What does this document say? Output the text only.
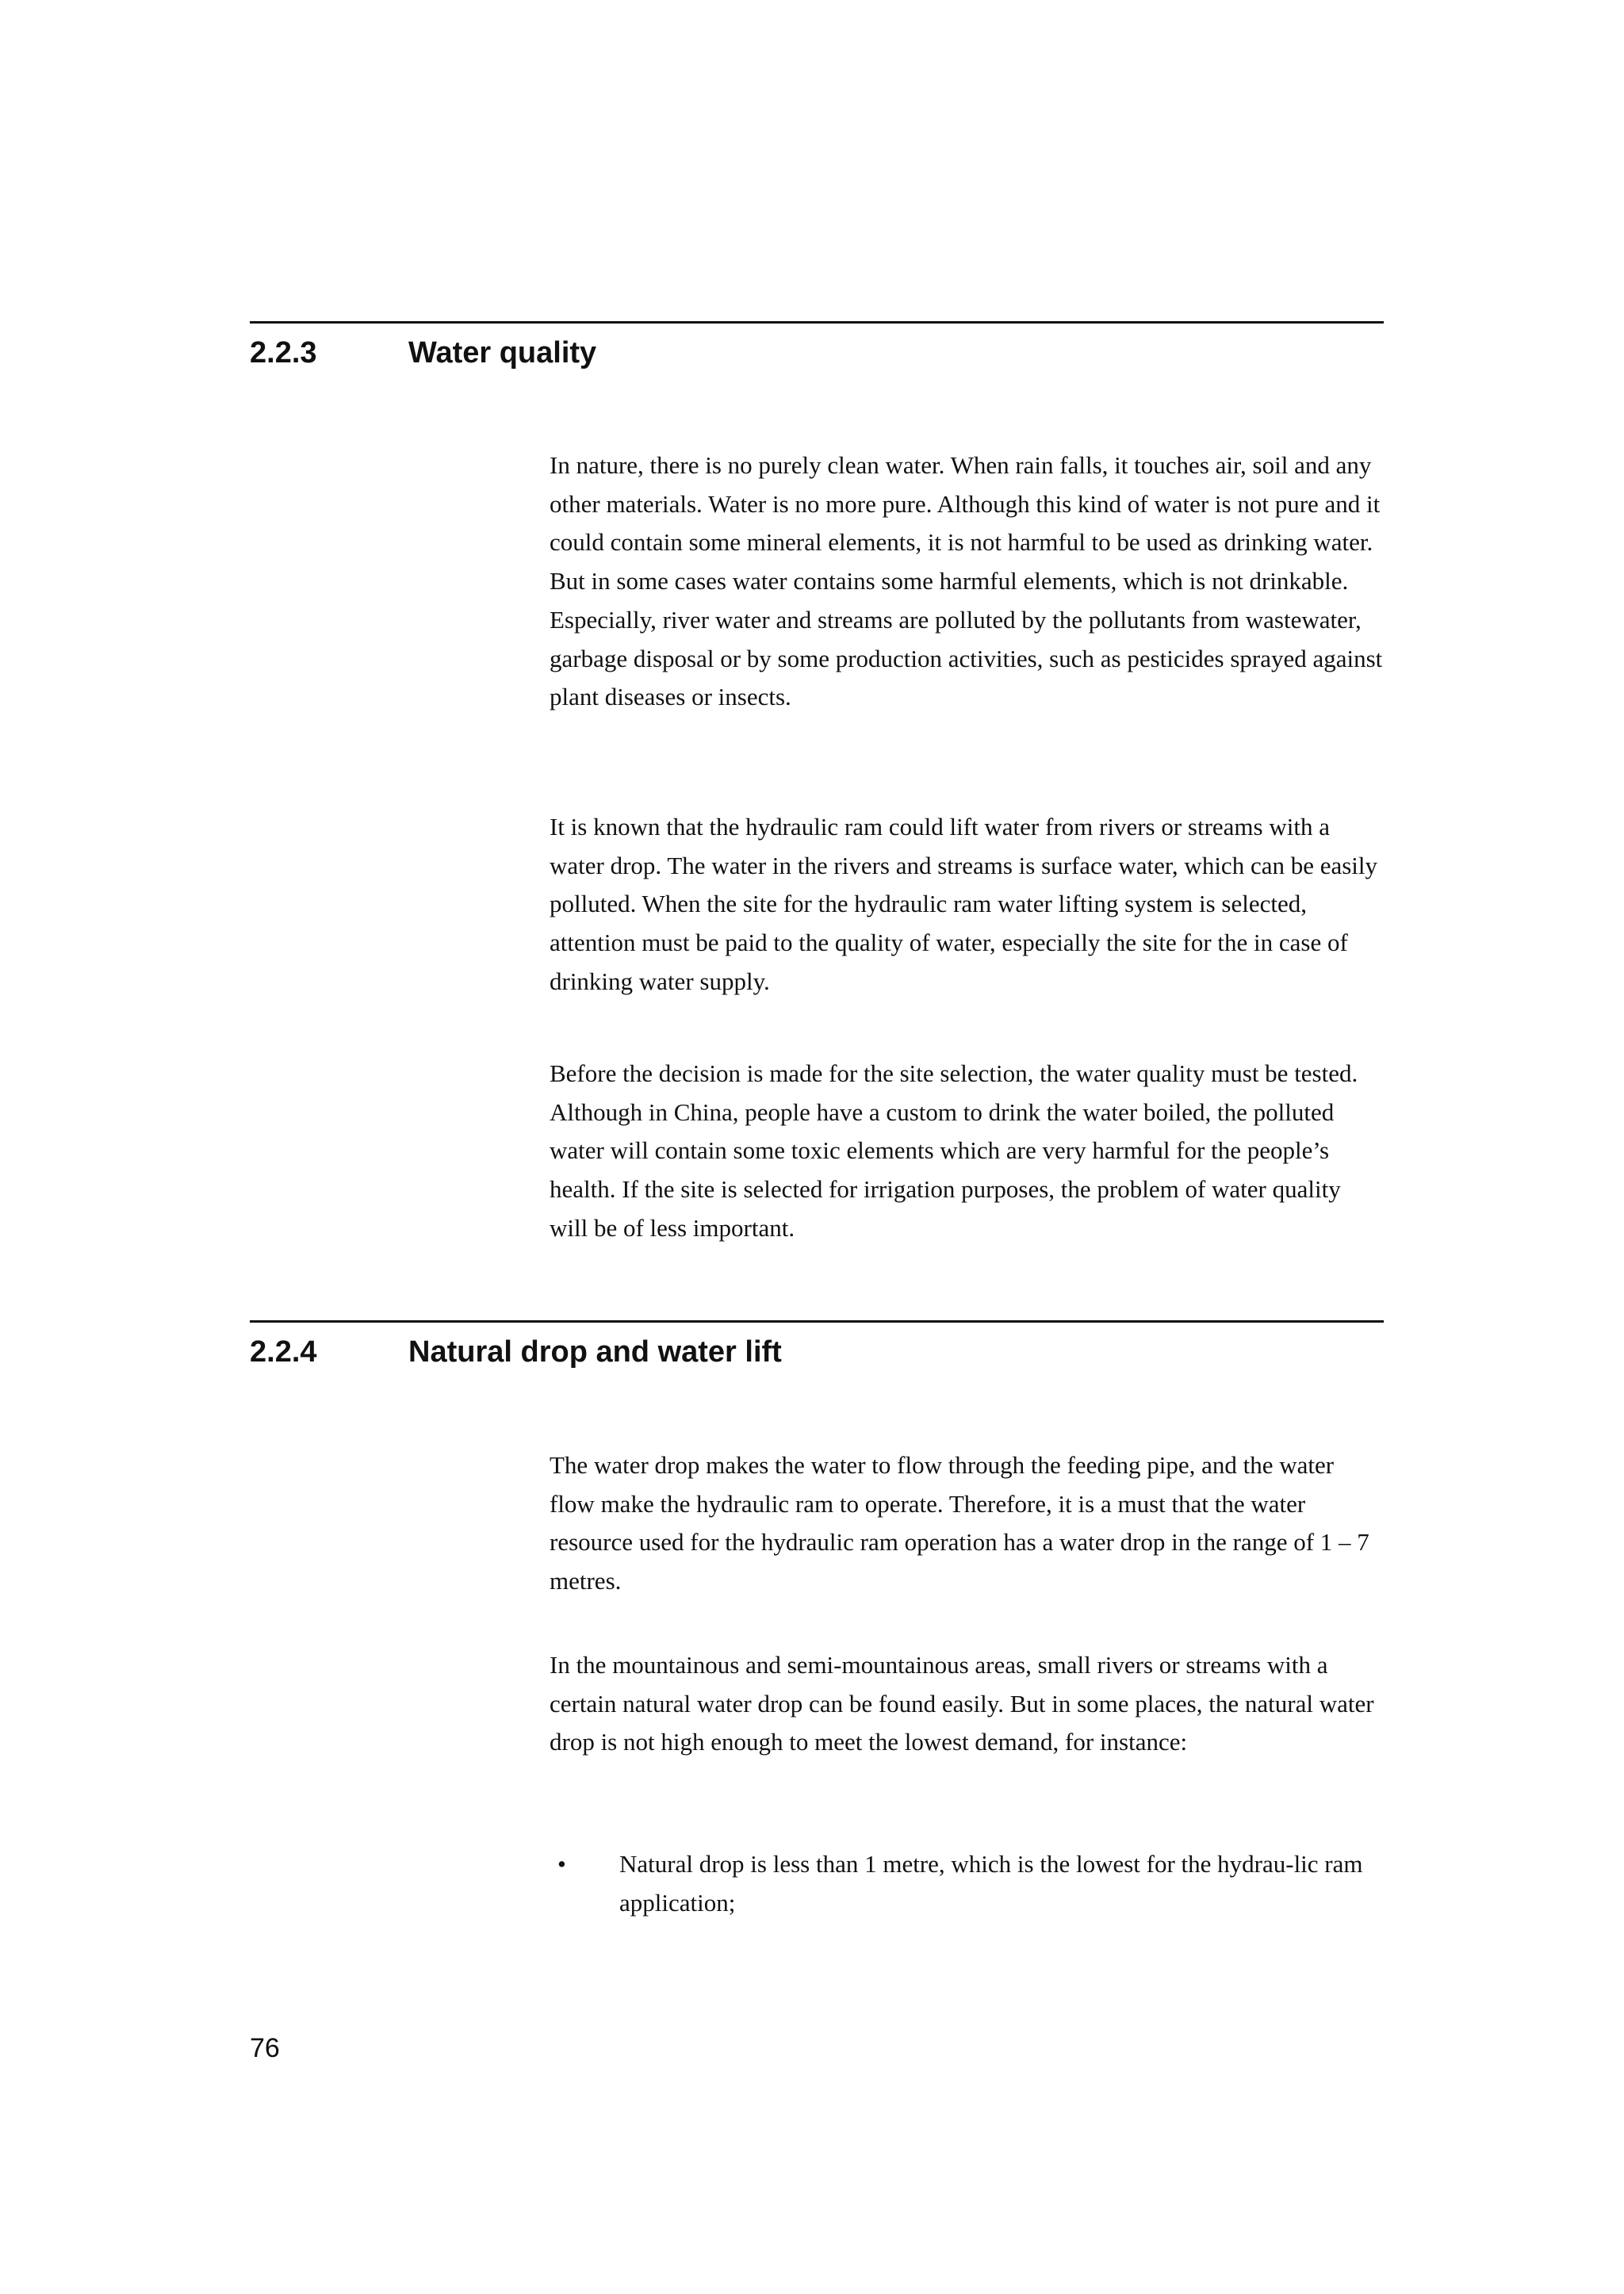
2.2.3	Water quality

In nature, there is no purely clean water. When rain falls, it touches air, soil and any other materials. Water is no more pure. Although this kind of water is not pure and it could contain some mineral elements, it is not harmful to be used as drinking water. But in some cases water contains some harmful elements, which is not drinkable. Especially, river water and streams are polluted by the pollutants from wastewater, garbage disposal or by some production activities, such as pesticides sprayed against plant diseases or insects.

It is known that the hydraulic ram could lift water from rivers or streams with a water drop. The water in the rivers and streams is surface water, which can be easily polluted. When the site for the hydraulic ram water lifting system is selected, attention must be paid to the quality of water, especially the site for the in case of drinking water supply.

Before the decision is made for the site selection, the water quality must be tested. Although in China, people have a custom to drink the water boiled, the polluted water will contain some toxic elements which are very harmful for the people’s health. If the site is selected for irrigation purposes, the problem of water quality will be of less important.

2.2.4	Natural drop and water lift

The water drop makes the water to flow through the feeding pipe, and the water flow make the hydraulic ram to operate. Therefore, it is a must that the water resource used for the hydraulic ram operation has a water drop in the range of 1 – 7 metres.

In the mountainous and semi-mountainous areas, small rivers or streams with a certain natural water drop can be found easily. But in some places, the natural water drop is not high enough to meet the lowest demand, for instance:

•	Natural drop is less than 1 metre, which is the lowest for the hydrau-lic ram application;
76
